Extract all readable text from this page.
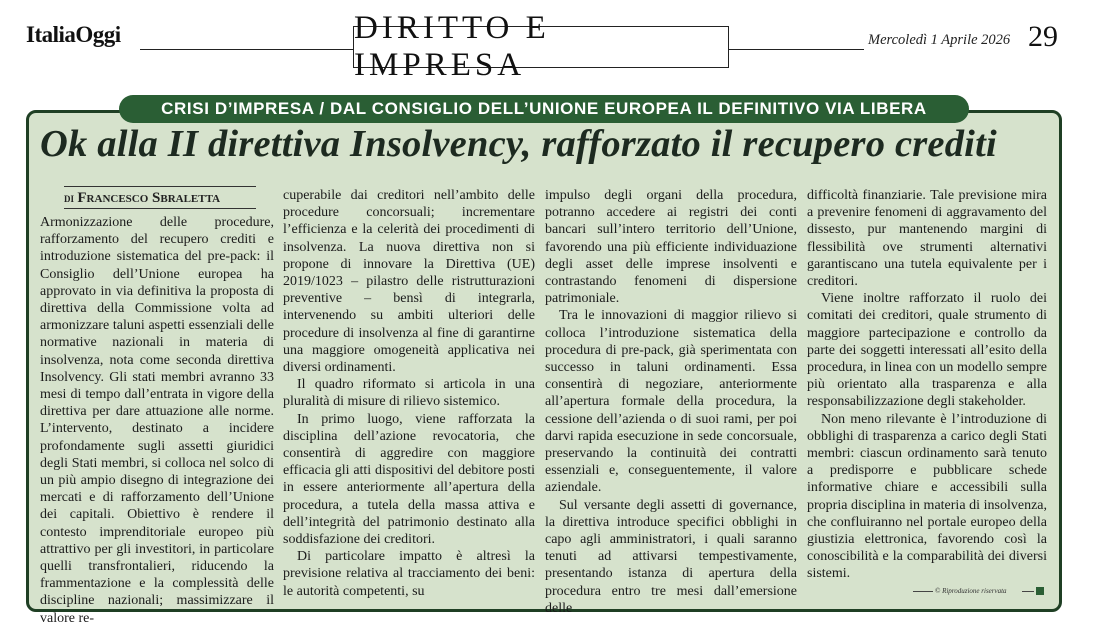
ItaliaOggi	DIRITTO E IMPRESA
Mercoledì 1 Aprile 2026 29
CRISI D’IMPRESA / DAL CONSIGLIO DELL’UNIONE EUROPEA IL DEFINITIVO VIA LIBERA
Ok alla II direttiva Insolvency, rafforzato il recupero crediti
di Francesco Sbraletta

Armonizzazione delle procedure, rafforzamento del recupero crediti e introduzione sistematica del pre-pack: il Consiglio dell’Unione europea ha approvato in via definitiva la proposta di direttiva della Commissione volta ad armonizzare taluni aspetti essenziali delle normative nazionali in materia di insolvenza, nota come seconda direttiva Insolvency. Gli stati membri avranno 33 mesi di tempo dall’entrata in vigore della direttiva per dare attuazione alle norme. L’intervento, destinato a incidere profondamente sugli assetti giuridici degli Stati membri, si colloca nel solco di un più ampio disegno di integrazione dei mercati e di rafforzamento dell’Unione dei capitali. Obiettivo è rendere il contesto imprenditoriale europeo più attrattivo per gli investitori, in particolare quelli transfrontalieri, riducendo la frammentazione e la complessità delle discipline nazionali; massimizzare il valore re-

cuperabile dai creditori nell’ambito delle procedure concorsuali; incrementare l’efficienza e la celerità dei procedimenti di insolvenza. La nuova direttiva non si propone di innovare la Direttiva (UE) 2019/1023 – pilastro delle ristrutturazioni preventive – bensì di integrarla, intervenendo su ambiti ulteriori delle procedure di insolvenza al fine di garantirne una maggiore omogeneità applicativa nei diversi ordinamenti.

Il quadro riformato si articola in una pluralità di misure di rilievo sistemico.

In primo luogo, viene rafforzata la disciplina dell’azione revocatoria, che consentirà di aggredire con maggiore efficacia gli atti dispositivi del debitore posti in essere anteriormente all’apertura della procedura, a tutela della massa attiva e dell’integrità del patrimonio destinato alla soddisfazione dei creditori.

Di particolare impatto è altresì la previsione relativa al tracciamento dei beni: le autorità competenti, su

impulso degli organi della procedura, potranno accedere ai registri dei conti bancari sull’intero territorio dell’Unione, favorendo una più efficiente individuazione degli asset delle imprese insolventi e contrastando fenomeni di dispersione patrimoniale.

Tra le innovazioni di maggior rilievo si colloca l’introduzione sistematica della procedura di pre-pack, già sperimentata con successo in taluni ordinamenti. Essa consentirà di negoziare, anteriormente all’apertura formale della procedura, la cessione dell’azienda o di suoi rami, per poi darvi rapida esecuzione in sede concorsuale, preservando la continuità dei contratti essenziali e, conseguentemente, il valore aziendale.

Sul versante degli assetti di governance, la direttiva introduce specifici obblighi in capo agli amministratori, i quali saranno tenuti ad attivarsi tempestivamente, presentando istanza di apertura della procedura entro tre mesi dall’emersione delle

difficoltà finanziarie. Tale previsione mira a prevenire fenomeni di aggravamento del dissesto, pur mantenendo margini di flessibilità ove strumenti alternativi garantiscano una tutela equivalente per i creditori.

Viene inoltre rafforzato il ruolo dei comitati dei creditori, quale strumento di maggiore partecipazione e controllo da parte dei soggetti interessati all’esito della procedura, in linea con un modello sempre più orientato alla trasparenza e alla responsabilizzazione degli stakeholder.

Non meno rilevante è l’introduzione di obblighi di trasparenza a carico degli Stati membri: ciascun ordinamento sarà tenuto a predisporre e pubblicare schede informative chiare e accessibili sulla propria disciplina in materia di insolvenza, che confluiranno nel portale europeo della giustizia elettronica, favorendo così la conoscibilità e la comparabilità dei diversi sistemi.

© Riproduzione riservata
